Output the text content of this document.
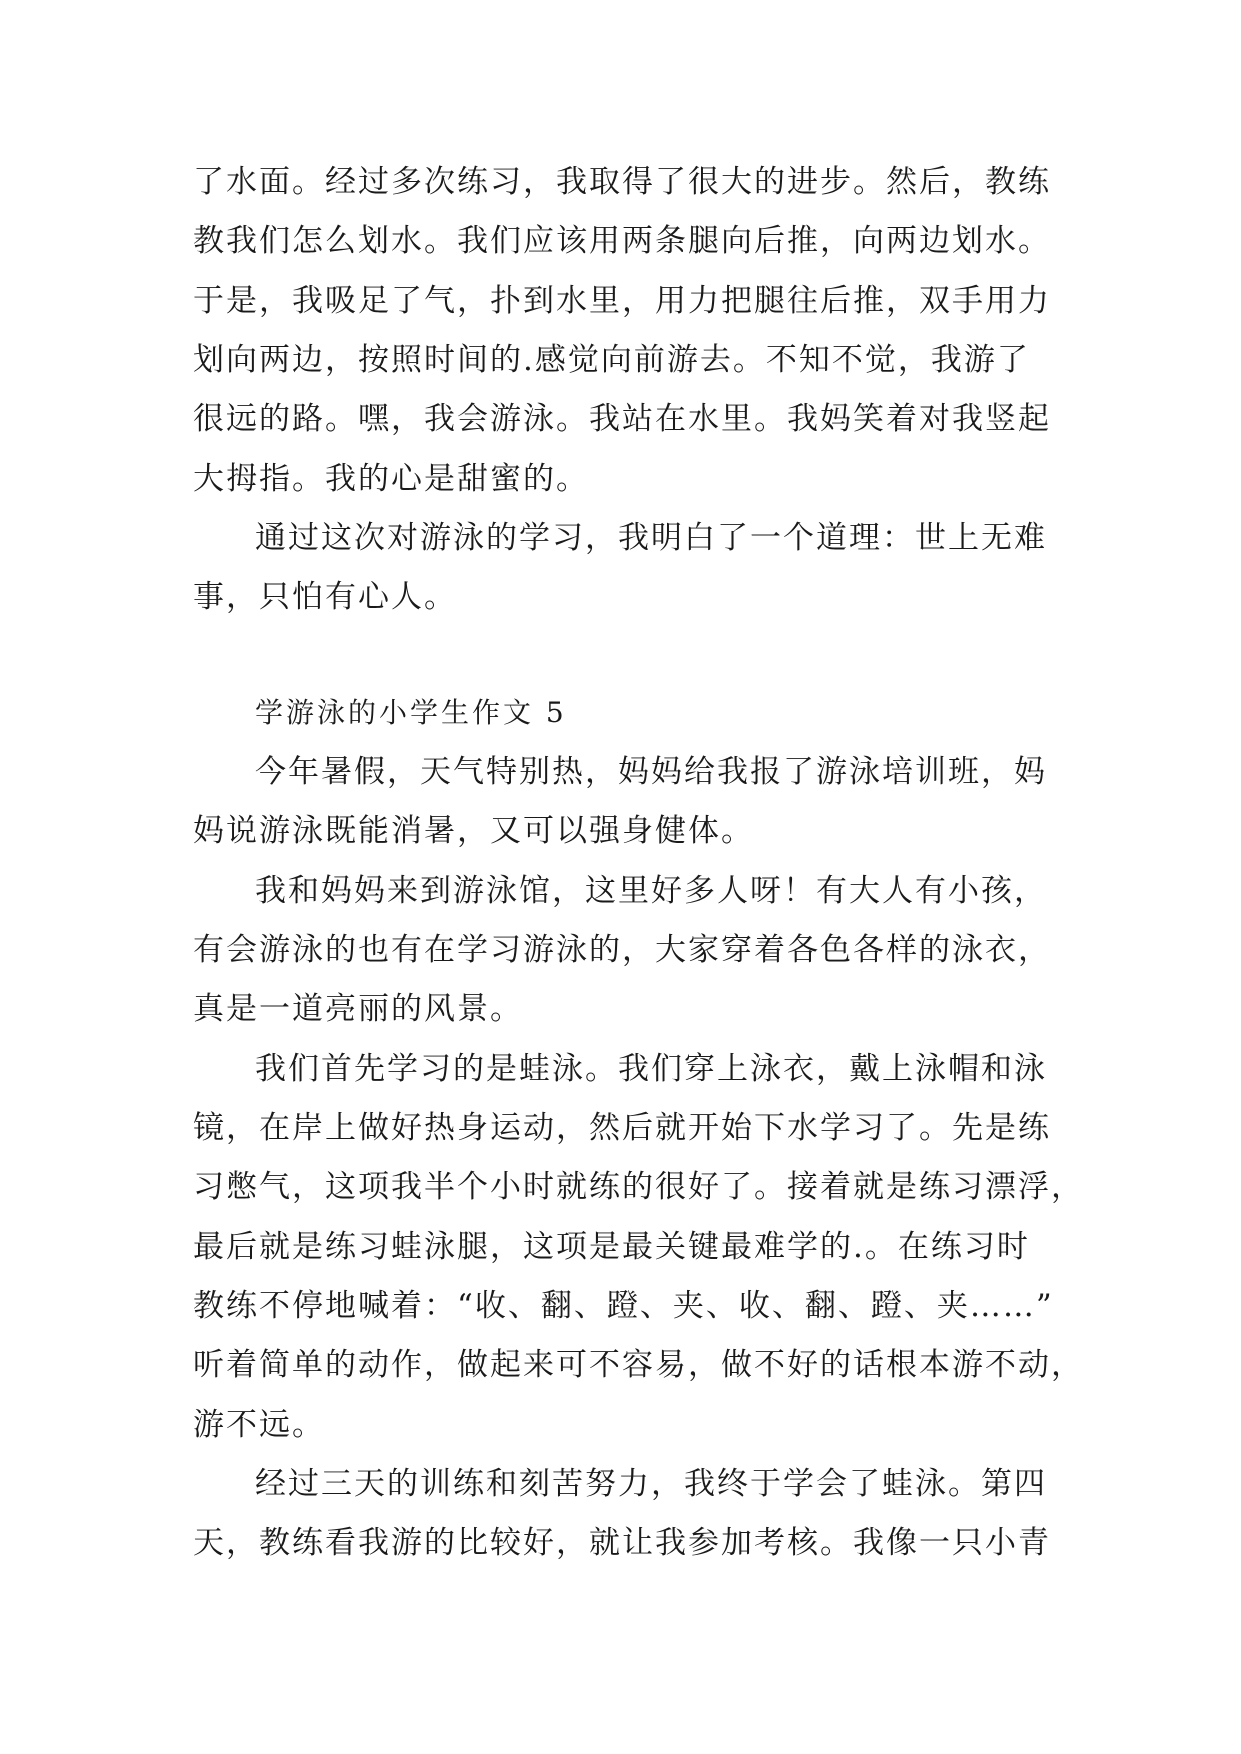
了水面。经过多次练习，我取得了很大的进步。然后，教练
教我们怎么划水。我们应该用两条腿向后推，向两边划水。
于是，我吸足了气，扑到水里，用力把腿往后推，双手用力
划向两边，按照时间的.感觉向前游去。不知不觉，我游了
很远的路。嘿，我会游泳。我站在水里。我妈笑着对我竖起
大拇指。我的心是甜蜜的。
通过这次对游泳的学习，我明白了一个道理：世上无难
事，只怕有心人。
学游泳的小学生作文 5
今年暑假，天气特别热，妈妈给我报了游泳培训班，妈
妈说游泳既能消暑，又可以强身健体。
我和妈妈来到游泳馆，这里好多人呀！有大人有小孩，
有会游泳的也有在学习游泳的，大家穿着各色各样的泳衣，
真是一道亮丽的风景。
我们首先学习的是蛙泳。我们穿上泳衣，戴上泳帽和泳
镜，在岸上做好热身运动，然后就开始下水学习了。先是练
习憋气，这项我半个小时就练的很好了。接着就是练习漂浮，
最后就是练习蛙泳腿，这项是最关键最难学的.。在练习时
教练不停地喊着：“收、翻、蹬、夹、收、翻、蹬、夹……”
听着简单的动作，做起来可不容易，做不好的话根本游不动，
游不远。
经过三天的训练和刻苦努力，我终于学会了蛙泳。第四
天，教练看我游的比较好，就让我参加考核。我像一只小青
